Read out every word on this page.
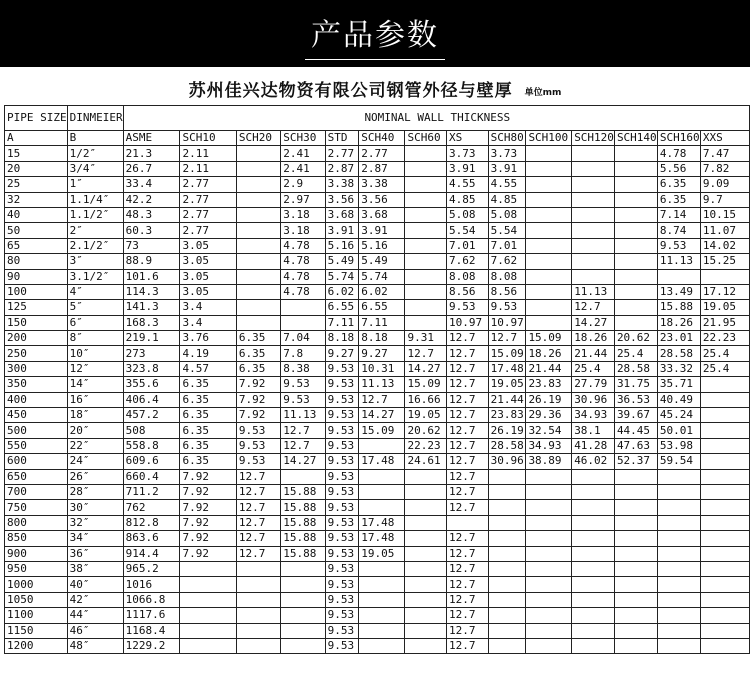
产品参数
苏州佳兴达物资有限公司钢管外径与壁厚 单位mm
PIPE SIZE	DINMEIER	NOMINAL WALL THICKNESS													
A	B	ASME	SCH10	SCH20	SCH30	STD	SCH40	SCH60	XS	SCH80	SCH100	SCH120	SCH140	SCH160	XXS
15	1/2″	21.3	2.11		2.41	2.77	2.77		3.73	3.73				4.78	7.47
20	3/4″	26.7	2.11		2.41	2.87	2.87		3.91	3.91				5.56	7.82
25	1″	33.4	2.77		2.9	3.38	3.38		4.55	4.55				6.35	9.09
32	1.1/4″	42.2	2.77		2.97	3.56	3.56		4.85	4.85				6.35	9.7
40	1.1/2″	48.3	2.77		3.18	3.68	3.68		5.08	5.08				7.14	10.15
50	2″	60.3	2.77		3.18	3.91	3.91		5.54	5.54				8.74	11.07
65	2.1/2″	73	3.05		4.78	5.16	5.16		7.01	7.01				9.53	14.02
80	3″	88.9	3.05		4.78	5.49	5.49		7.62	7.62				11.13	15.25
90	3.1/2″	101.6	3.05		4.78	5.74	5.74		8.08	8.08					
100	4″	114.3	3.05		4.78	6.02	6.02		8.56	8.56		11.13		13.49	17.12
125	5″	141.3	3.4			6.55	6.55		9.53	9.53		12.7		15.88	19.05
150	6″	168.3	3.4			7.11	7.11		10.97	10.97		14.27		18.26	21.95
200	8″	219.1	3.76	6.35	7.04	8.18	8.18	9.31	12.7	12.7	15.09	18.26	20.62	23.01	22.23
250	10″	273	4.19	6.35	7.8	9.27	9.27	12.7	12.7	15.09	18.26	21.44	25.4	28.58	25.4
300	12″	323.8	4.57	6.35	8.38	9.53	10.31	14.27	12.7	17.48	21.44	25.4	28.58	33.32	25.4
350	14″	355.6	6.35	7.92	9.53	9.53	11.13	15.09	12.7	19.05	23.83	27.79	31.75	35.71	
400	16″	406.4	6.35	7.92	9.53	9.53	12.7	16.66	12.7	21.44	26.19	30.96	36.53	40.49	
450	18″	457.2	6.35	7.92	11.13	9.53	14.27	19.05	12.7	23.83	29.36	34.93	39.67	45.24	
500	20″	508	6.35	9.53	12.7	9.53	15.09	20.62	12.7	26.19	32.54	38.1	44.45	50.01	
550	22″	558.8	6.35	9.53	12.7	9.53		22.23	12.7	28.58	34.93	41.28	47.63	53.98	
600	24″	609.6	6.35	9.53	14.27	9.53	17.48	24.61	12.7	30.96	38.89	46.02	52.37	59.54	
650	26″	660.4	7.92	12.7		9.53			12.7						
700	28″	711.2	7.92	12.7	15.88	9.53			12.7						
750	30″	762	7.92	12.7	15.88	9.53			12.7						
800	32″	812.8	7.92	12.7	15.88	9.53	17.48								
850	34″	863.6	7.92	12.7	15.88	9.53	17.48		12.7						
900	36″	914.4	7.92	12.7	15.88	9.53	19.05		12.7						
950	38″	965.2				9.53			12.7						
1000	40″	1016				9.53			12.7						
1050	42″	1066.8				9.53			12.7						
1100	44″	1117.6				9.53			12.7						
1150	46″	1168.4				9.53			12.7						
1200	48″	1229.2				9.53			12.7						
